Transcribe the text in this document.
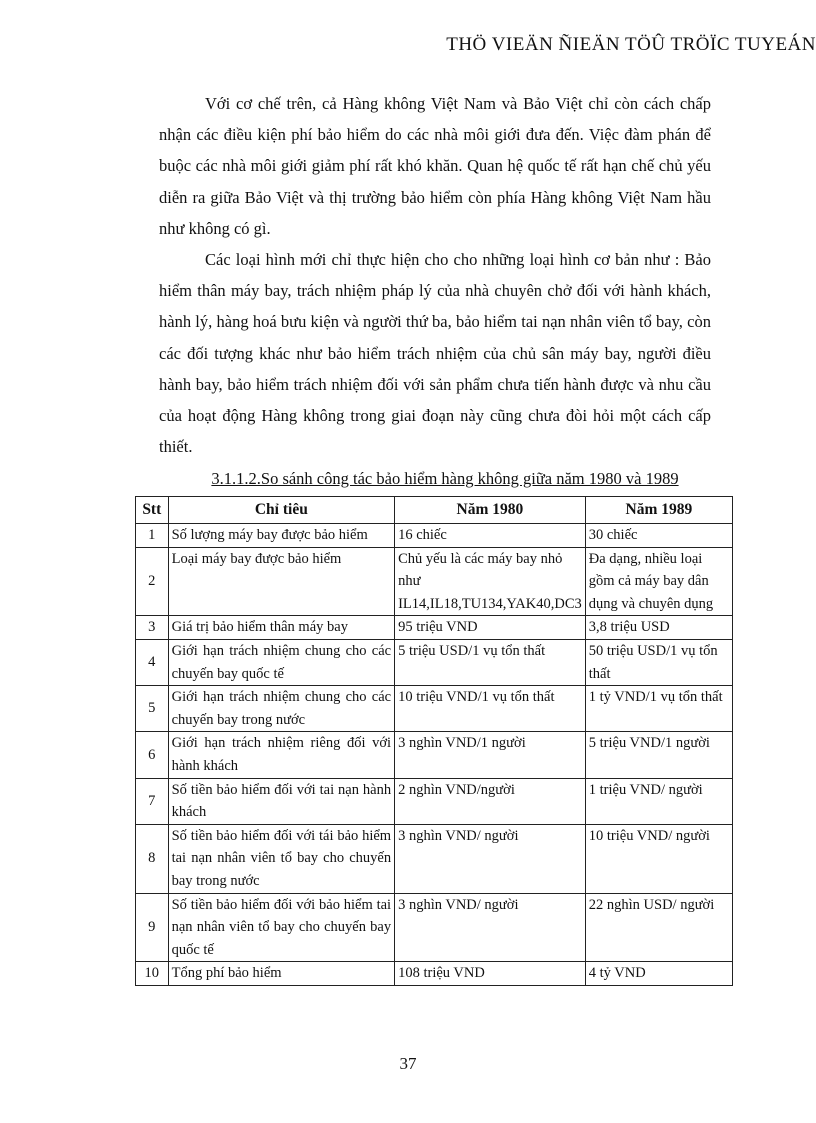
THÖ VIEÄN ÑIEÄN TÖÛ TRÖÏC TUYEÁN

Với cơ chế trên, cả Hàng không Việt Nam và Bảo Việt chỉ còn cách chấp nhận các điều kiện phí bảo hiểm do các nhà môi giới đưa đến. Việc đàm phán để buộc các nhà môi giới giảm phí rất khó khăn. Quan hệ quốc tế rất hạn chế chủ yếu diễn ra giữa Bảo Việt và thị trường bảo hiểm còn phía Hàng không Việt Nam hầu như không có gì.

Các loại hình mới chỉ thực hiện cho cho những loại hình cơ bản như : Bảo hiểm thân máy bay, trách nhiệm pháp lý của nhà chuyên chở đối với hành khách, hành lý, hàng hoá bưu kiện và người thứ ba, bảo hiểm tai nạn nhân viên tổ bay, còn các đối tượng khác như bảo hiểm trách nhiệm của chủ sân máy bay, người điều hành bay, bảo hiểm trách nhiệm đối với sản phẩm chưa tiến hành được và nhu cầu của hoạt động Hàng không trong giai đoạn này cũng chưa đòi hỏi một cách cấp thiết.

3.1.1.2.So sánh công tác bảo hiểm hàng không giữa năm 1980 và 1989

Stt	Chỉ tiêu	Năm 1980	Năm 1989
1	Số lượng máy bay được bảo hiểm	16 chiếc	30 chiếc
2	Loại máy bay được bảo hiểm	Chủ yếu là các máy bay nhỏ như IL14,IL18,TU134,YAK40,DC3	Đa dạng, nhiều loại gồm cả máy bay dân dụng và chuyên dụng
3	Giá trị bảo hiểm thân máy bay	95 triệu VND	3,8 triệu USD
4	Giới hạn trách nhiệm chung cho các chuyến bay quốc tế	5 triệu USD/1 vụ tổn thất	50 triệu USD/1 vụ tổn thất
5	Giới hạn trách nhiệm chung cho các chuyến bay trong nước	10 triệu VND/1 vụ tổn thất	1 tỷ VND/1 vụ tổn thất
6	Giới hạn trách nhiệm riêng đối với hành khách	3 nghìn VND/1 người	5 triệu VND/1 người
7	Số tiền bảo hiểm đối với tai nạn hành khách	2 nghìn VND/người	1 triệu VND/ người
8	Số tiền bảo hiểm đối với tái bảo hiểm tai nạn nhân viên tổ bay cho chuyến bay trong nước	3 nghìn VND/ người	10 triệu VND/ người
9	Số tiền bảo hiểm đối với bảo hiểm tai nạn nhân viên tổ bay cho chuyến bay quốc tế	3 nghìn VND/ người	22 nghìn USD/ người
10	Tổng phí bảo hiểm	108 triệu VND	4 tỷ VND
37
